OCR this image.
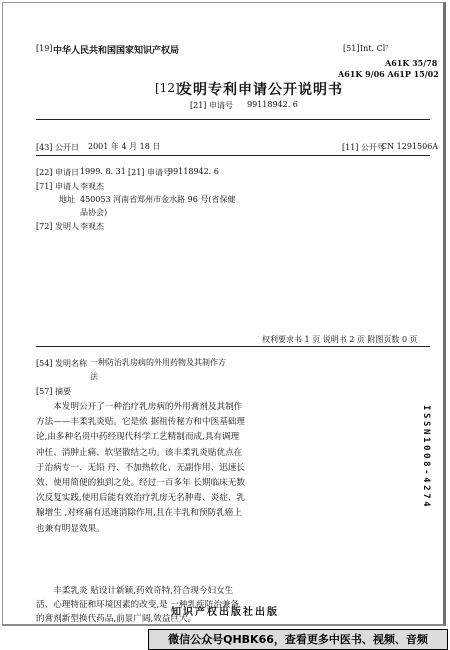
[19] 中华人民共和国国家知识产权局	[51] Int. Cl⁷
A61K 35/78
A61K 9/06 A61P 15/02
[12]
发明专利申请公开说明书
[21] 申请号 99118942. 6
[43] 公开日 2001 年 4 月 18 日	[11] 公开号
CN 1291506A
[22] 申请日 1999. 8. 31 [21] 申请号
99118942. 6
[71] 申请人 李观杰
地址 450053 河南省郑州市金水路 96 号(省保健
品协会)
[72] 发明人 李观杰
权利要求书 1 页 说明书 2 页 附图页数 0 页
[54] 发明名称 一种防治乳房病的外用药物及其制作方
法
[57] 摘要
本发明公开了一种治疗乳房病的外用膏剂及其制作方法——丰柔乳炎贴。它是依 据祖传秘方和中医基础理论,由多种名贵中药经现代科学工艺精制而成,具有调理冲任、消肿止痛、软坚散结之功。该丰柔乳炎贴优点在于治病专一、无铅 丹、不加热软化、无副作用、迅速长效、使用简便的独到之处。经过一百多年 长期临床无数次反复实践,使用后能有效治疗乳房无名肿毒、炎症、乳腺增生 ,对疼痛有迅速消除作用,且在丰乳和预防乳癌上也兼有明显效果。
丰柔乳炎 贴设计新颖,药效奇特,符合现今妇女生活、心理特征和环境因素的改变,是 一种乳疾防治兼备的膏剂新型换代药品,前景广阔,效益巨大。
ISSN1008-4274
知识产权出版社出版
微信公众号QHBK66，查看更多中医书、视频、音频
